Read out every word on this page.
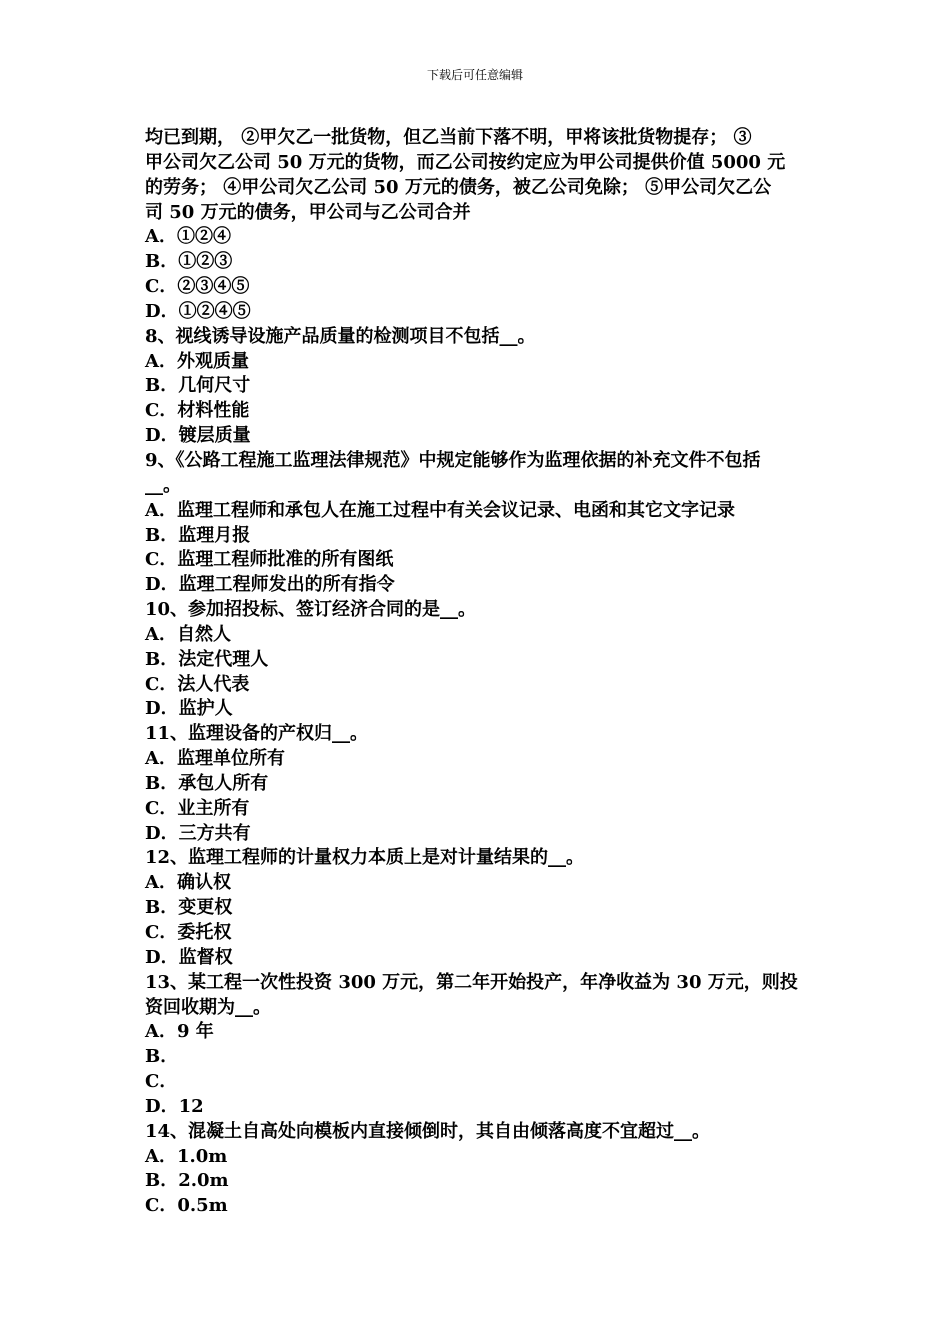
下载后可任意编辑
均已到期， ②甲欠乙一批货物，但乙当前下落不明，甲将该批货物提存； ③
甲公司欠乙公司 50 万元的货物，而乙公司按约定应为甲公司提供价值 5000 元
的劳务； ④甲公司欠乙公司 50 万元的债务，被乙公司免除； ⑤甲公司欠乙公
司 50 万元的债务，甲公司与乙公司合并
A．①②④
B．①②③
C．②③④⑤
D．①②④⑤
8、视线诱导设施产品质量的检测项目不包括__。
A．外观质量
B．几何尺寸
C．材料性能
D．镀层质量
9、《公路工程施工监理法律规范》中规定能够作为监理依据的补充文件不包括
__。
A．监理工程师和承包人在施工过程中有关会议记录、电函和其它文字记录
B．监理月报
C．监理工程师批准的所有图纸
D．监理工程师发出的所有指令
10、参加招投标、签订经济合同的是__。
A．自然人
B．法定代理人
C．法人代表
D．监护人
11、监理设备的产权归__。
A．监理单位所有
B．承包人所有
C．业主所有
D．三方共有
12、监理工程师的计量权力本质上是对计量结果的__。
A．确认权
B．变更权
C．委托权
D．监督权
13、某工程一次性投资 300 万元，第二年开始投产，年净收益为 30 万元，则投
资回收期为__。
A．9 年
B．
C．
D．12
14、混凝土自高处向模板内直接倾倒时，其自由倾落高度不宜超过__。
A．1.0m
B．2.0m
C．0.5m
